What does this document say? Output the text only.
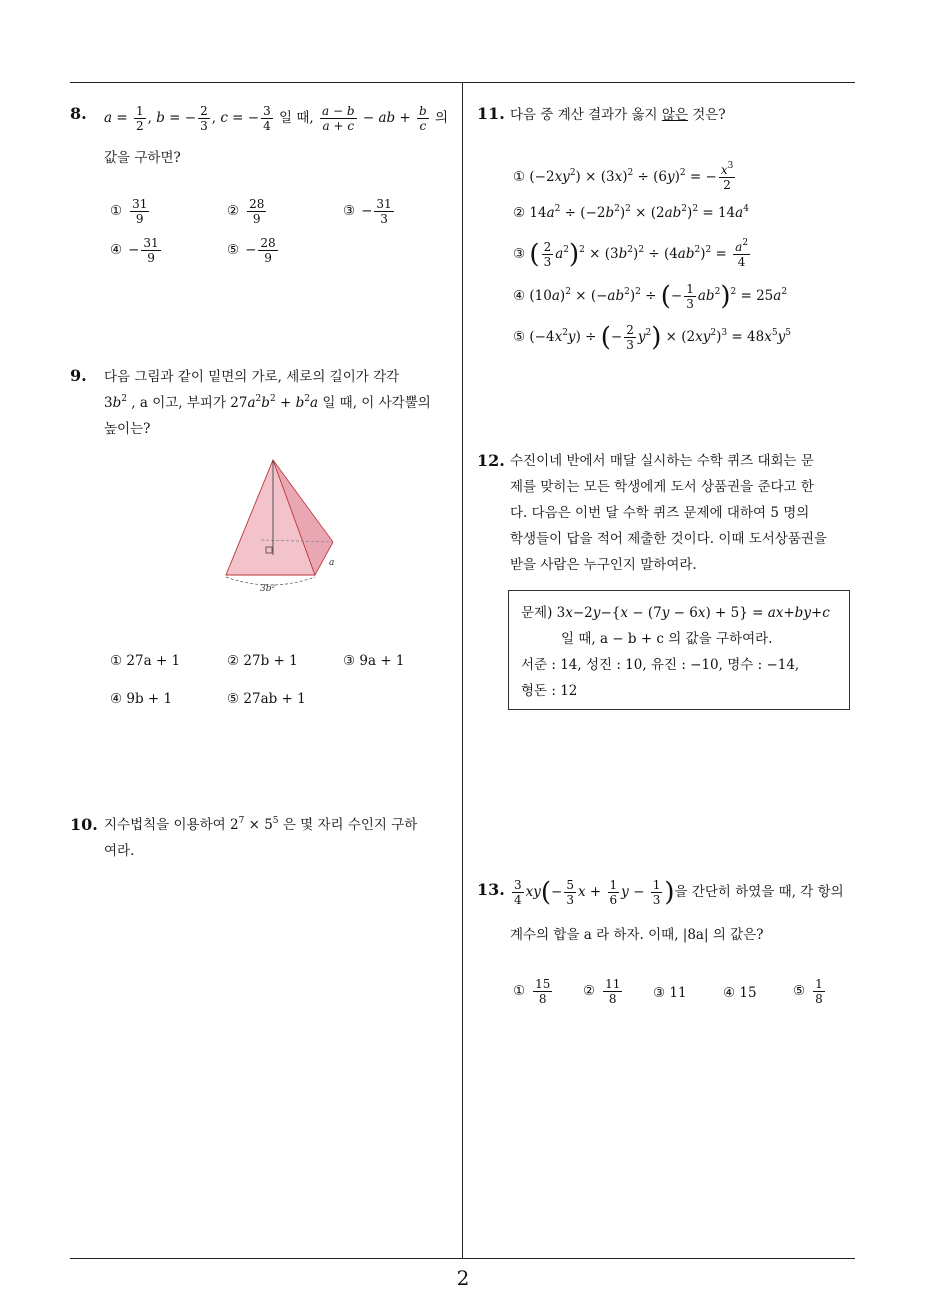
2
8. $a = \frac{1}{2}$ , b = − $\frac{2}{3}$ , c = − $\frac{3}{4}$ 일 때, $\frac{a - b}{a + c}$ − ab + $\frac{b}{c}$ 의
값을 구하면?
① $\frac{31}{9}$	② $\frac{28}{9}$	③ − $\frac{31}{3}$
④ − $\frac{31}{9}$	⑤ − $\frac{28}{9}$
9. 다음 그림과 같이 밑면의 가로, 세로의 길이가 각각
$3b^2$ , a 이고, 부피가 $27a^2b^2 + b^2a$ 일 때, 이 사각뿔의
높이는?
3b²
a
① 27a + 1	② 27b + 1	③ 9a + 1
④ 9b + 1	⑤ 27ab + 1
10. 지수법칙을 이용하여 $2^7 \times 5^5$ 은 몇 자리 수인지 구하
여라.
11. 다음 중 계산 결과가 옳지 않은 것은?
① $(-2xy^2) \times (3x)^2 \div (6y)^2$ = − $\frac{x^3}{2}$
② $14a^2 \div (-2b^2)^2 \times (2ab^2)^2 = 14a^4$
③ ( $\frac{2}{3} a^2)^2 \times (3b^2)^2 \div (4ab^2)^2 = \frac{a^2}{4}$
④ $(10a)^2 \times (-ab^2)^2$ ÷ (− $\frac{1}{3} ab^2)^2 = 25a^2$
⑤ $(-4x^2y)$ ÷ (− $\frac{2}{3} y^2) \times (2xy^2)^3 = 48x^5y^5$
12. 수진이네 반에서 매달 실시하는 수학 퀴즈 대회는 문
제를 맞히는 모든 학생에게 도서 상품권을 준다고 한
다. 다음은 이번 달 수학 퀴즈 문제에 대하여 5 명의
학생들이 답을 적어 제출한 것이다. 이때 도서상품권을
받을 사람은 누구인지 말하여라.
문제) 3x−2y−{x − (7y − 6x) + 5} = ax+by+c
일 때, a − b + c 의 값을 구하여라.
서준 : 14, 성진 : 10, 유진 : −10, 명수 : −14,
형돈 : 12
13. $\frac{3}{4} xy(- \frac{5}{3}$ $x + \frac{1}{6}$ $y - \frac{1}{3}$ )을 간단히 하였을 때, 각 항의
계수의 합을 a 라 하자. 이때, |8a| 의 값은?
① $\frac{15}{8}$ ② $\frac{11}{8}$ ③ 11	④ 15	⑤ $\frac{1}{8}$
